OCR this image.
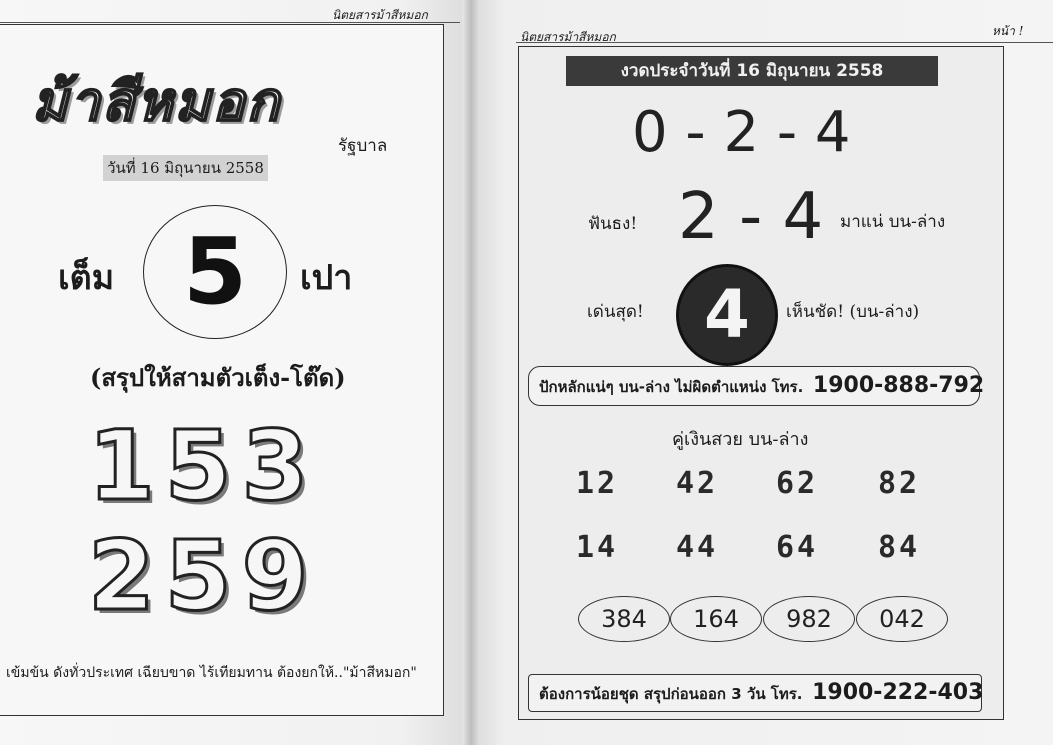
นิตยสารม้าสีหมอก
ม้าสีหมอก
รัฐบาล
วันที่ 16 มิถุนายน 2558
เต็ม 5	เปา
(สรุปให้สามตัวเต็ง-โต๊ด)
153
259
เข้มข้น ดังทั่วประเทศ เฉียบขาด ไร้เทียมทาน ต้องยกให้.."ม้าสีหมอก"
นิตยสารม้าสีหมอก	หน้า !
งวดประจำวันที่ 16 มิถุนายน 2558
0 - 2 - 4
ฟันธง! 2 - 4 มาแน่ บน-ล่าง
เด่นสุด! 4	เห็นชัด! (บน-ล่าง)
ปักหลักแน่ๆ บน-ล่าง ไม่ผิดตำแหน่ง โทร. 1900-888-792
คู่เงินสวย บน-ล่าง
12 42 62 82
14 44 64 84
384	164	982	042
ต้องการน้อยชุด สรุปก่อนออก 3 วัน โทร. 1900-222-403
